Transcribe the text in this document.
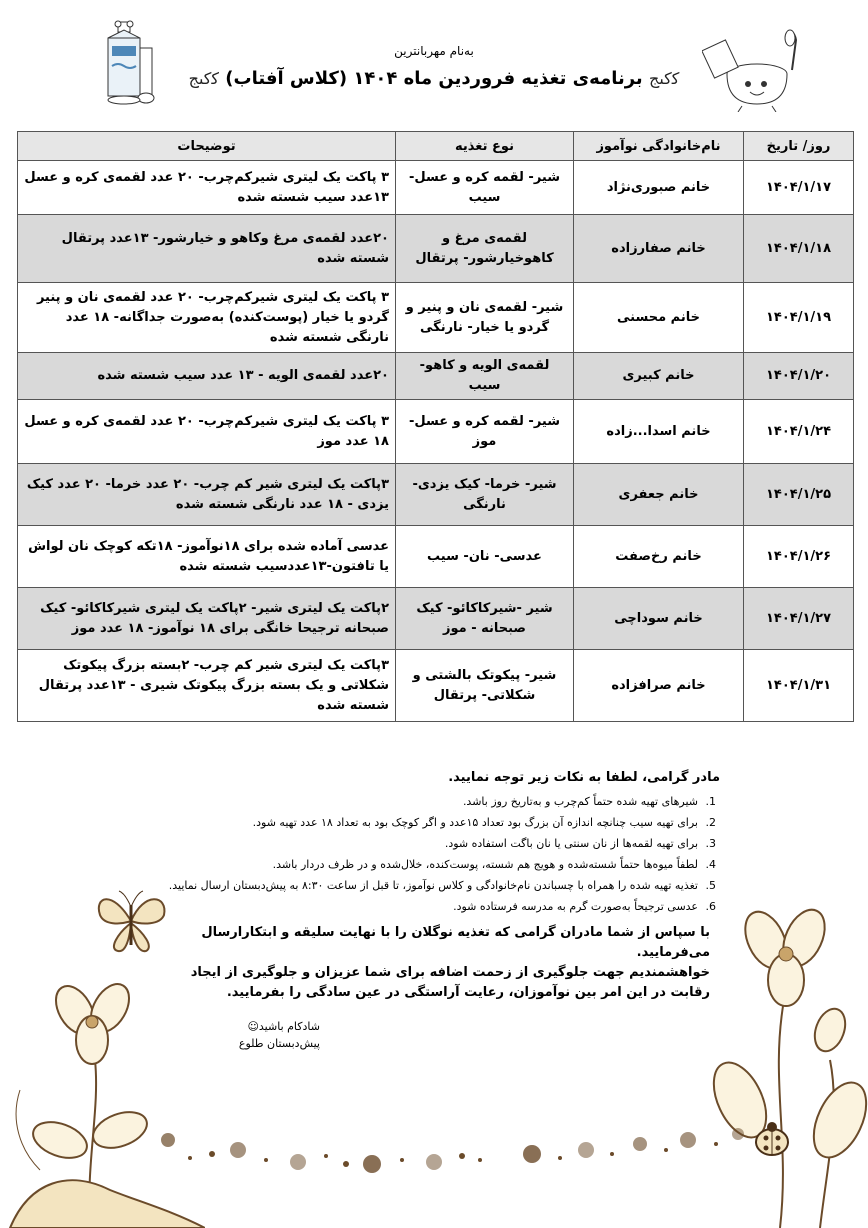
به‌نام مهربانترین
ﮐﮐﯩﺞ برنامه‌ی تغذیه فروردین ماه ۱۴۰۴ (کلاس آفتاب) ﮐﮐﯩﺞ
روز/ تاریخ	نام‌خانوادگی نوآموز	نوع تغذیه	توضیحات
۱۴۰۴/۱/۱۷	خانم صبوری‌نژاد	شیر- لقمه کره و عسل- سیب	۳ پاکت یک لیتری شیرکم‌چرب- ۲۰ عدد لقمه‌ی کره و عسل ۱۳عدد سیب شسته شده
۱۴۰۴/۱/۱۸	خانم صفارزاده	لقمه‌ی مرغ و کاهوخیارشور- پرتقال	۲۰عدد لقمه‌ی مرغ وکاهو و خیارشور- ۱۳عدد پرتقال شسته شده
۱۴۰۴/۱/۱۹	خانم محسنی	شیر- لقمه‌ی نان و پنیر و گردو یا خیار- نارنگی	۳ پاکت یک لیتری شیرکم‌چرب- ۲۰ عدد لقمه‌ی نان و پنیر گردو یا خیار (پوست‌کنده) به‌صورت جداگانه- ۱۸ عدد نارنگی شسته شده
۱۴۰۴/۱/۲۰	خانم کبیری	لقمه‌ی الویه و کاهو- سیب	۲۰عدد لقمه‌ی الویه - ۱۳ عدد سیب شسته شده
۱۴۰۴/۱/۲۴	خانم اسدا...زاده	شیر- لقمه کره و عسل- موز	۳ پاکت یک لیتری شیرکم‌چرب- ۲۰ عدد لقمه‌ی کره و عسل ۱۸ عدد موز
۱۴۰۴/۱/۲۵	خانم جعفری	شیر- خرما- کیک یزدی- نارنگی	۳پاکت یک لیتری شیر کم چرب- ۲۰ عدد خرما- ۲۰ عدد کیک یزدی - ۱۸ عدد نارنگی شسته شده
۱۴۰۴/۱/۲۶	خانم رخ‌صفت	عدسی- نان- سیب	عدسی آماده شده برای ۱۸نوآموز- ۱۸تکه کوچک نان لواش یا تافتون-۱۳عددسیب شسته شده
۱۴۰۴/۱/۲۷	خانم سوداچی	شیر -شیرکاکائو- کیک صبحانه - موز	۲پاکت یک لیتری شیر- ۲پاکت یک لیتری شیرکاکائو- کیک صبحانه ترجیحا خانگی برای ۱۸ نوآموز- ۱۸ عدد موز
۱۴۰۴/۱/۳۱	خانم صرافزاده	شیر- پیکوتک بالشتی و شکلاتی- پرتقال	۳پاکت یک لیتری شیر کم چرب- ۲بسته بزرگ پیکوتک شکلاتی و یک بسته بزرگ پیکوتک شیری - ۱۳عدد پرتقال شسته شده

مادر گرامی، لطفا به نکات زیر توجه نمایید.

1. شیرهای تهیه شده حتماً کم‌چرب و به‌تاریخ روز باشد.
2. برای تهیه سیب چنانچه اندازه آن بزرگ بود تعداد ۱۵عدد و اگر کوچک بود به تعداد ۱۸ عدد تهیه شود.
3. برای تهیه لقمه‌ها از نان سنتی یا نان باگت استفاده شود.
4. لطفاً میوه‌ها حتماً شسته‌شده و هویج هم شسته، پوست‌کنده، خلال‌شده و در ظرف دردار باشد.
5. تغذیه تهیه شده را همراه با چسباندن نام‌خانوادگی و کلاس نوآموز، تا قبل از ساعت ۸:۳۰ به پیش‌دبستان ارسال نمایید.
6. عدسی ترجیحاً به‌صورت گرم به مدرسه فرستاده شود.
با سپاس از شما مادران گرامی که تغذیه نوگلان را با نهایت سلیقه و ابتکارارسال می‌فرمایید.
خواهشمندیم جهت جلوگیری از زحمت اضافه برای شما عزیزان و جلوگیری از ایجاد رقابت در این امر بین نوآموزان، رعایت آراستگی در عین سادگی را بفرمایید.
شادکام باشید☺
پیش‌دبستان طلوع
